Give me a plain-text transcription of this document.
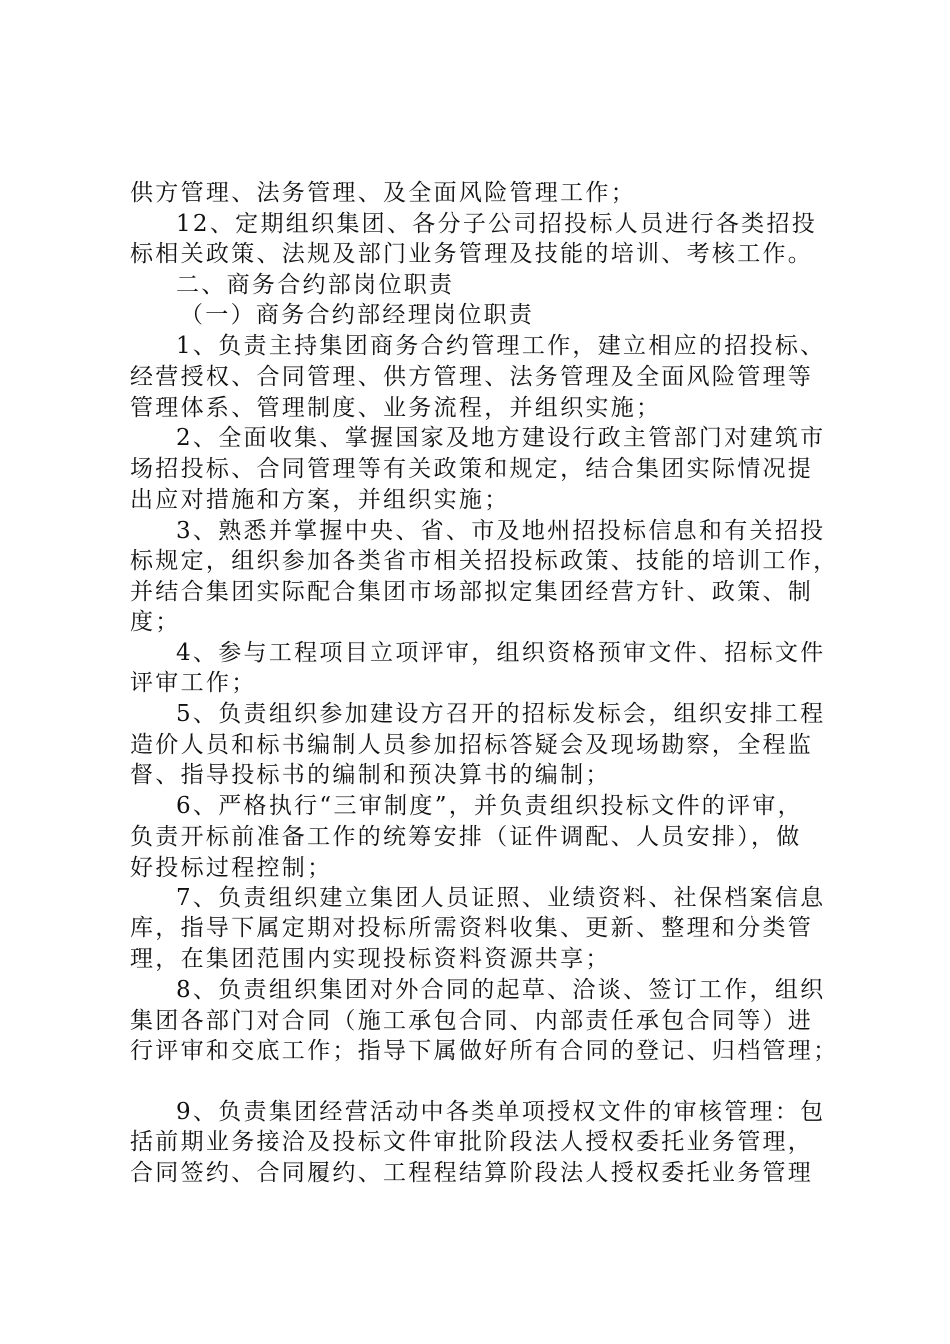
供方管理、法务管理、及全面风险管理工作；
12、定期组织集团、各分子公司招投标人员进行各类招投
标相关政策、法规及部门业务管理及技能的培训、考核工作。
二、商务合约部岗位职责
（一）商务合约部经理岗位职责
1、负责主持集团商务合约管理工作，建立相应的招投标、
经营授权、合同管理、供方管理、法务管理及全面风险管理等
管理体系、管理制度、业务流程，并组织实施；
2、全面收集、掌握国家及地方建设行政主管部门对建筑市
场招投标、合同管理等有关政策和规定，结合集团实际情况提
出应对措施和方案，并组织实施；
3、熟悉并掌握中央、省、市及地州招投标信息和有关招投
标规定，组织参加各类省市相关招投标政策、技能的培训工作，
并结合集团实际配合集团市场部拟定集团经营方针、政策、制
度；
4、参与工程项目立项评审，组织资格预审文件、招标文件
评审工作；
5、负责组织参加建设方召开的招标发标会，组织安排工程
造价人员和标书编制人员参加招标答疑会及现场勘察，全程监
督、指导投标书的编制和预决算书的编制；
6、严格执行“三审制度”，并负责组织投标文件的评审，
负责开标前准备工作的统筹安排（证件调配、人员安排），做
好投标过程控制；
7、负责组织建立集团人员证照、业绩资料、社保档案信息
库，指导下属定期对投标所需资料收集、更新、整理和分类管
理，在集团范围内实现投标资料资源共享；
8、负责组织集团对外合同的起草、洽谈、签订工作，组织
集团各部门对合同（施工承包合同、内部责任承包合同等）进
行评审和交底工作；指导下属做好所有合同的登记、归档管理；
9、负责集团经营活动中各类单项授权文件的审核管理：包
括前期业务接洽及投标文件审批阶段法人授权委托业务管理，
合同签约、合同履约、工程程结算阶段法人授权委托业务管理
